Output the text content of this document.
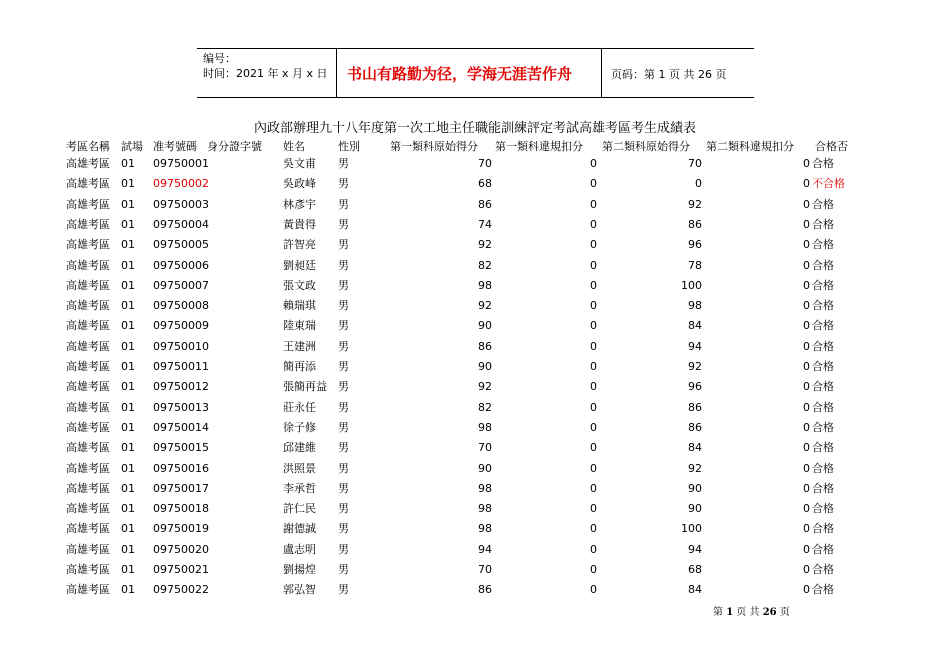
编号：
时间：2021 年 x 月 x 日 书山有路勤为径，学海无涯苦作舟	页码：第 1 页 共 26 页
內政部辦理九十八年度第一次工地主任職能訓練評定考試高雄考區考生成績表
考區名稱 試場 准考號碼 身分證字號 姓名	性別	第一類科原始得分 第一類科違規扣分 第二類科原始得分 第二類科違規扣分 合格否
高雄考區 01 09750001	吳文甫 男	70	0	70	0 合格
高雄考區 01 09750002	吳政峰 男	68	0	0	0 不合格
高雄考區 01 09750003	林彥宇 男	86	0	92	0 合格
高雄考區 01 09750004	黃貴得 男	74	0	86	0 合格
高雄考區 01 09750005	許智亮 男	92	0	96	0 合格
高雄考區 01 09750006	劉昶廷 男	82	0	78	0 合格
高雄考區 01 09750007	張文政 男	98	0	100	0 合格
高雄考區 01 09750008	賴瑞琪 男	92	0	98	0 合格
高雄考區 01 09750009	陸東瑞 男	90	0	84	0 合格
高雄考區 01 09750010	王建洲 男	86	0	94	0 合格
高雄考區 01 09750011	簡再添 男	90	0	92	0 合格
高雄考區 01 09750012	張簡再益 男	92	0	96	0 合格
高雄考區 01 09750013	莊永任 男	82	0	86	0 合格
高雄考區 01 09750014	徐子修 男	98	0	86	0 合格
高雄考區 01 09750015	邱建維 男	70	0	84	0 合格
高雄考區 01 09750016	洪照景 男	90	0	92	0 合格
高雄考區 01 09750017	李承哲 男	98	0	90	0 合格
高雄考區 01 09750018	許仁民 男	98	0	90	0 合格
高雄考區 01 09750019	謝德誠 男	98	0	100	0 合格
高雄考區 01 09750020	盧志明 男	94	0	94	0 合格
高雄考區 01 09750021	劉揚煌 男	70	0	68	0 合格
高雄考區 01 09750022	郭弘智 男	86	0	84	0 合格
第 1 页 共 26 页
